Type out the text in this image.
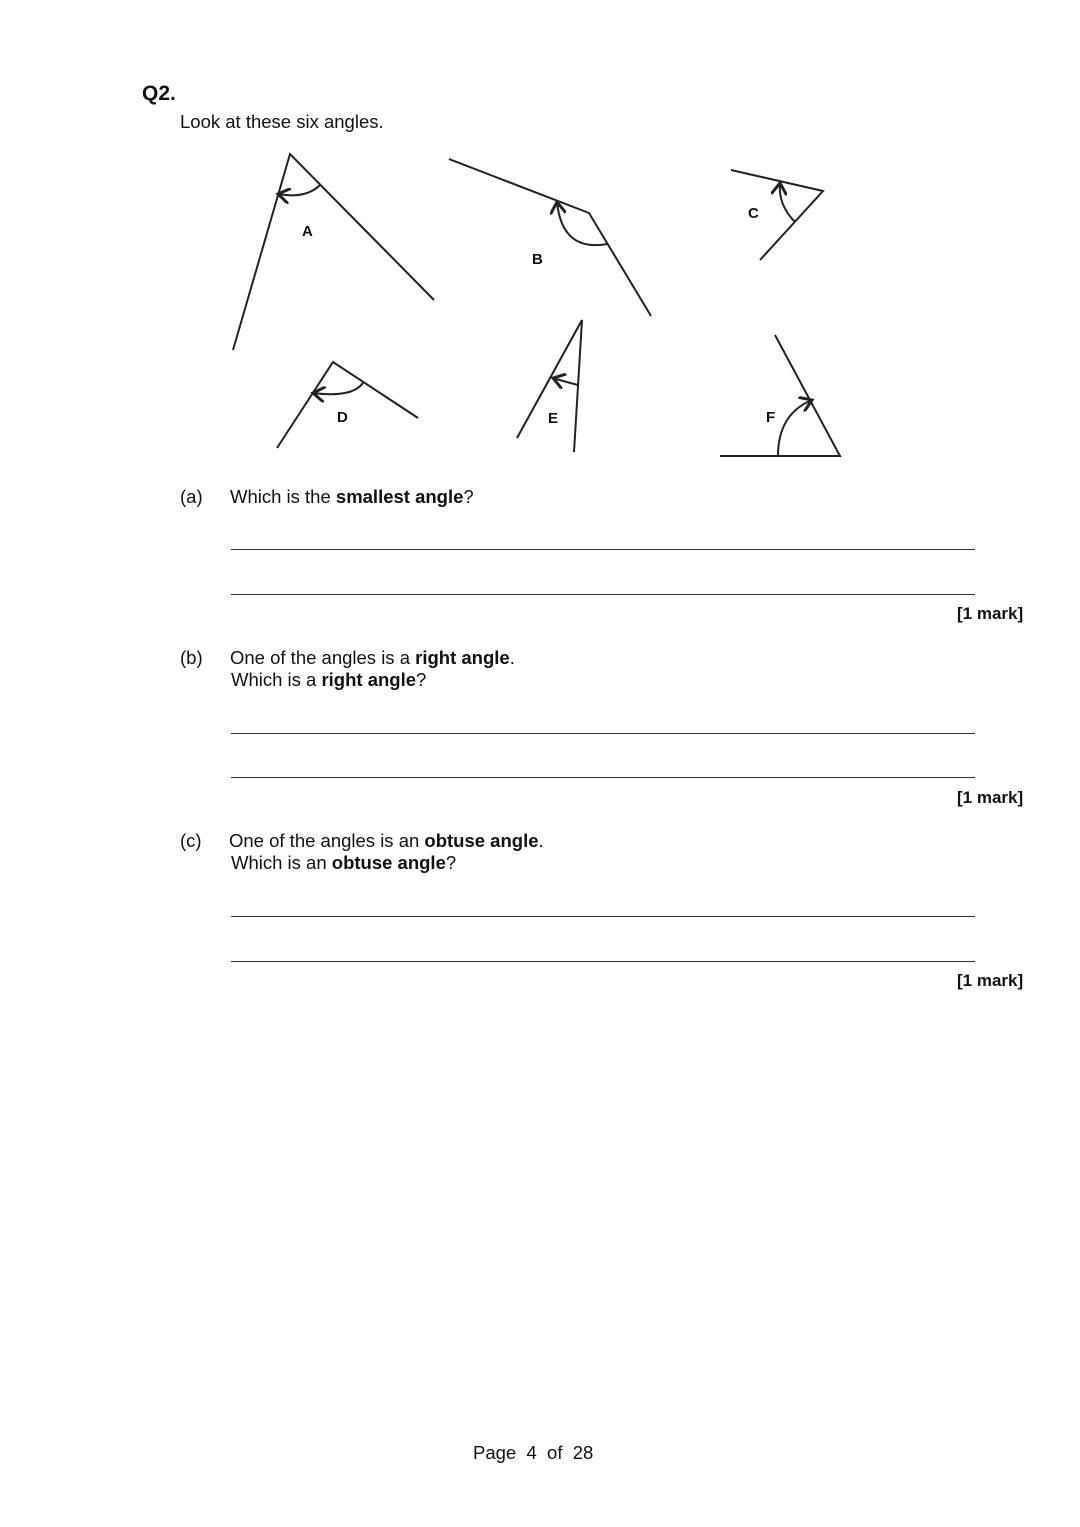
Q2.
Look at these six angles.
A
B
C
D	E	F
(a) Which is the smallest angle?
[1 mark]
(b) One of the angles is a right angle.
Which is a right angle?
[1 mark]
(c) One of the angles is an obtuse angle.
Which is an obtuse angle?
[1 mark]
Page  4  of  28
